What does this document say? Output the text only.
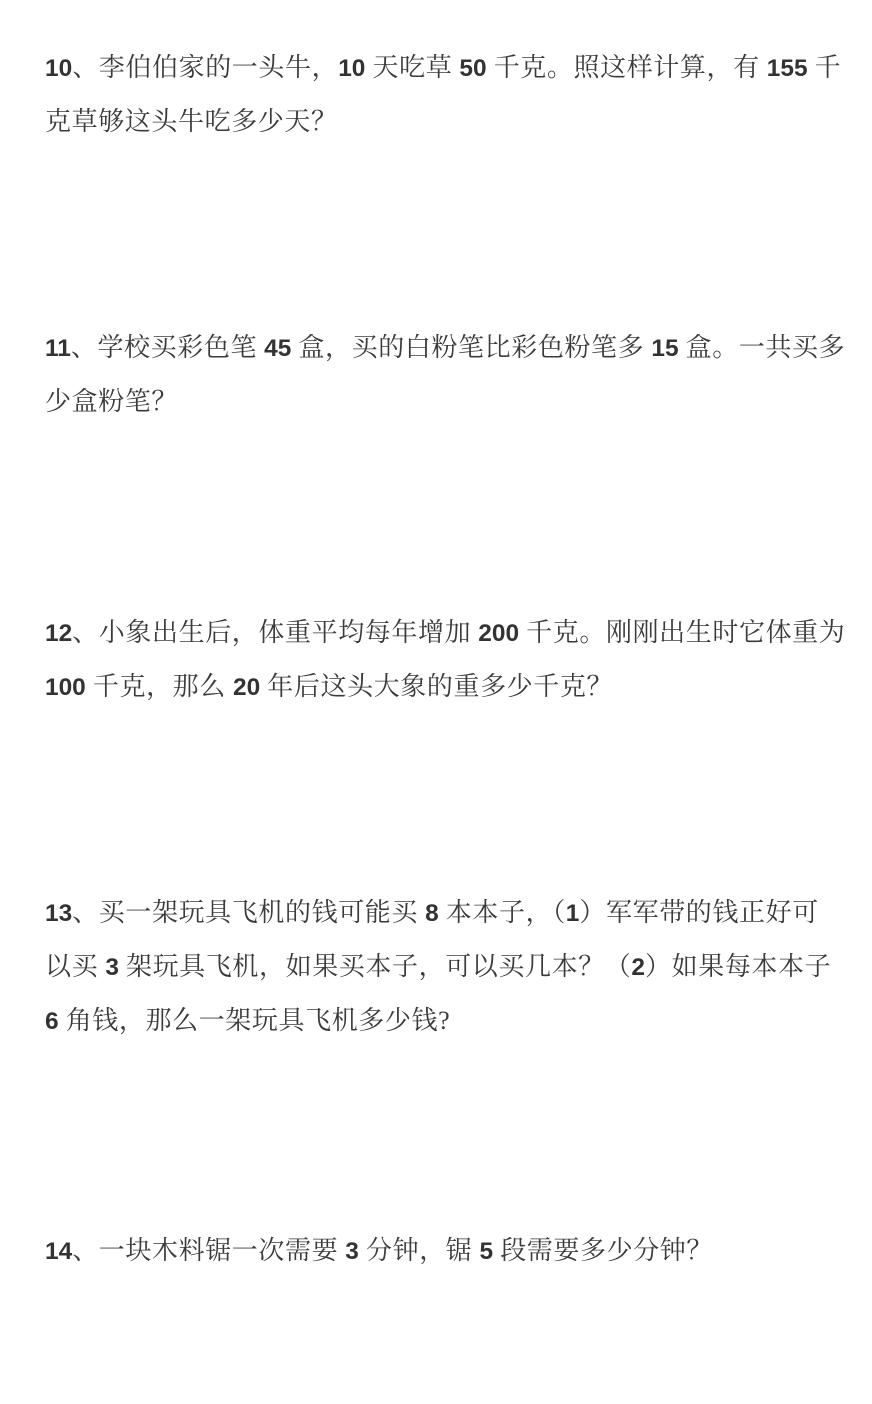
10、李伯伯家的一头牛，10 天吃草 50 千克。照这样计算，有 155 千
克草够这头牛吃多少天？
11、学校买彩色笔 45 盒，买的白粉笔比彩色粉笔多 15 盒。一共买多
少盒粉笔？
12、小象出生后，体重平均每年增加 200 千克。刚刚出生时它体重为
100 千克，那么 20 年后这头大象的重多少千克？
13、买一架玩具飞机的钱可能买 8 本本子，（1）军军带的钱正好可
以买 3 架玩具飞机，如果买本子，可以买几本？（2）如果每本本子
6 角钱，那么一架玩具飞机多少钱?
14、一块木料锯一次需要 3 分钟，锯 5 段需要多少分钟？
